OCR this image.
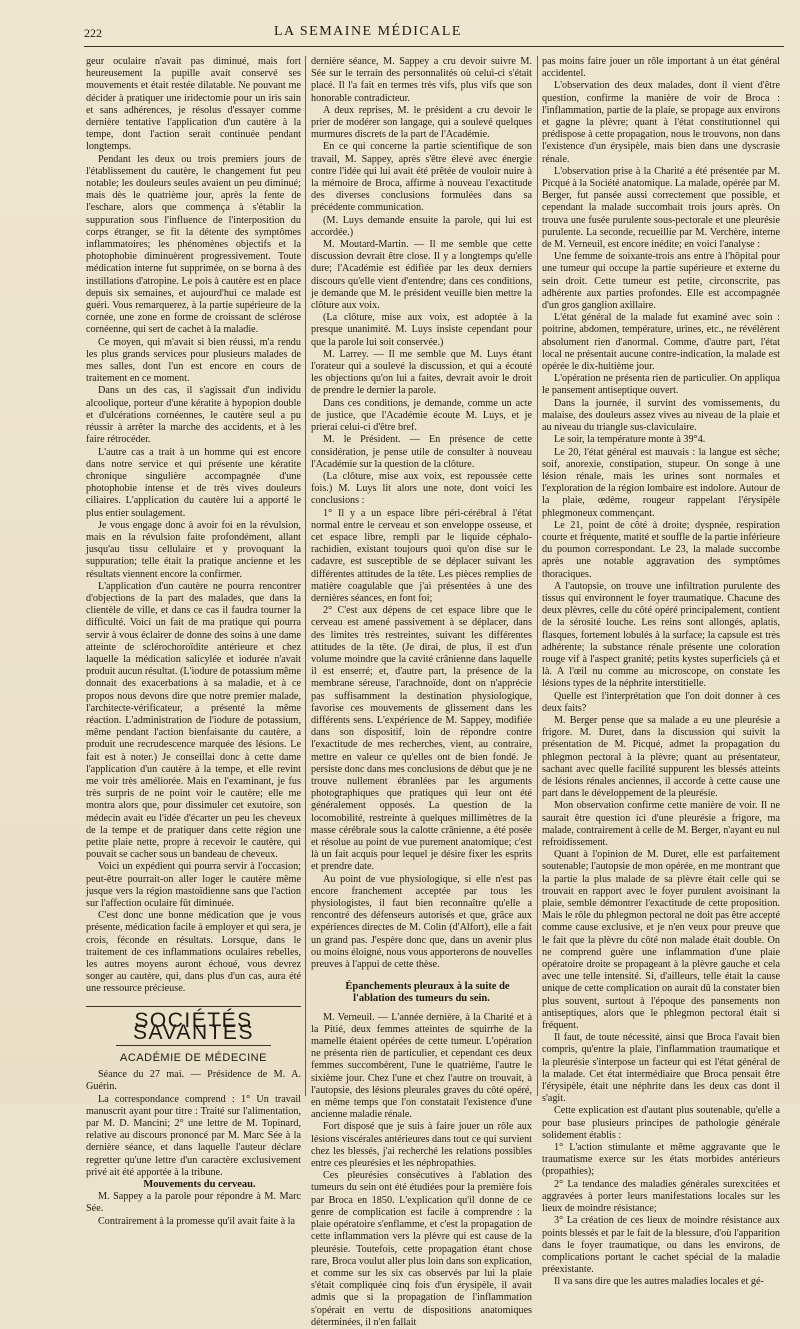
222	LA SEMAINE MÉDICALE

geur oculaire n'avait pas diminué, mais fort heureusement la pupille avait conservé ses mouvements et était restée dilatable. Ne pouvant me décider à pratiquer une iridectomie pour un iris sain et sans adhérences, je résolus d'essayer comme dernière tentative l'application d'un cautère à la tempe, dont l'action serait continuée pendant longtemps.

Pendant les deux ou trois premiers jours de l'établissement du cautère, le changement fut peu notable; les douleurs seules avaient un peu diminué; mais dès le quatrième jour, après la fente de l'eschare, alors que commença à s'établir la suppuration sous l'influence de l'interposition du corps étranger, se fit la détente des symptômes inflammatoires; les phénomènes objectifs et la photophobie diminuèrent progressivement. Toute médication interne fut supprimée, on se borna à des instillations d'atropine. Le pois à cautère est en place depuis six semaines, et aujourd'hui ce malade est guéri. Vous remarquerez, à la partie supérieure de la cornée, une zone en forme de croissant de sclérose cornéenne, qui sert de cachet à la maladie.

Ce moyen, qui m'avait si bien réussi, m'a rendu les plus grands services pour plusieurs malades de mes salles, dont l'un est encore en cours de traitement en ce moment.

Dans un des cas, il s'agissait d'un individu alcoolique, porteur d'une kératite à hypopion double et d'ulcérations cornéennes, le cautère seul a pu réussir à arrêter la marche des accidents, et à les faire rétrocéder.

L'autre cas a trait à un homme qui est encore dans notre service et qui présente une kératite chronique singulière accompagnée d'une photophobie intense et de très vives douleurs ciliaires. L'application du cautère lui a apporté le plus entier soulagement.

Je vous engage donc à avoir foi en la révulsion, mais en la révulsion faite profondément, allant jusqu'au tissu cellulaire et y provoquant la suppuration; telle était la pratique ancienne et les résultats viennent encore la confirmer.

L'application d'un cautère ne pourra rencontrer d'objections de la part des malades, que dans la clientèle de ville, et dans ce cas il faudra tourner la difficulté. Voici un fait de ma pratique qui pourra servir à vous éclairer de donne des soins à une dame atteinte de sclérochoroïdite antérieure et chez laquelle la médication salicylée et iodurée n'avait produit aucun résultat. (L'iodure de potassium même donnait des exacerbations à sa maladie, et à ce propos nous devons dire que notre premier malade, l'architecte-vérificateur, a présenté la même réaction. L'administration de l'iodure de potassium, même pendant l'action bienfaisante du cautère, a produit une recrudescence marquée des lésions. Le fait est à noter.) Je conseillai donc à cette dame l'application d'un cautère à la tempe, et elle revint me voir très améliorée. Mais en l'examinant, je fus très surpris de ne point voir le cautère; elle me montra alors que, pour dissimuler cet exutoire, son médecin avait eu l'idée d'écarter un peu les cheveux de la tempe et de pratiquer dans cette région une petite plaie nette, propre à recevoir le cautère, qui pouvait se cacher sous un bandeau de cheveux.

Voici un expédient qui pourra servir à l'occasion; peut-être pourrait-on aller loger le cautère même jusque vers la région mastoïdienne sans que l'action sur l'affection oculaire fût diminuée.

C'est donc une bonne médication que je vous présente, médication facile à employer et qui sera, je crois, féconde en résultats. Lorsque, dans le traitement de ces inflammations oculaires rebelles, les autres moyens auront échoué, vous devrez songer au cautère, qui, dans plus d'un cas, aura été une ressource précieuse.

SOCIÉTÉS SAVANTES
ACADÉMIE DE MÉDECINE

Séance du 27 mai. — Présidence de M. A. Guérin.

La correspondance comprend : 1° Un travail manuscrit ayant pour titre : Traité sur l'alimentation, par M. D. Mancini; 2° une lettre de M. Topinard, relative au discours prononcé par M. Marc Sée à la dernière séance, et dans laquelle l'auteur déclare regretter qu'une lettre d'un caractère exclusivement privé ait été apportée à la tribune.

Mouvements du cerveau.

M. Sappey a la parole pour répondre à M. Marc Sée.

Contrairement à la promesse qu'il avait faite à la

dernière séance, M. Sappey a cru devoir suivre M. Sée sur le terrain des personnalités où celui-ci s'était placé. Il l'a fait en termes très vifs, plus vifs que son honorable contradicteur.

A deux reprises, M. le président a cru devoir le prier de modérer son langage, qui a soulevé quelques murmures discrets de la part de l'Académie.

En ce qui concerne la partie scientifique de son travail, M. Sappey, après s'être élevé avec énergie contre l'idée qui lui avait été prêtée de vouloir nuire à la mémoire de Broca, affirme à nouveau l'exactitude des diverses conclusions formulées dans sa précédente communication.

(M. Luys demande ensuite la parole, qui lui est accordée.)

M. Moutard-Martin. — Il me semble que cette discussion devrait être close. Il y a longtemps qu'elle dure; l'Académie est édifiée par les deux derniers discours qu'elle vient d'entendre; dans ces conditions, je demande que M. le président veuille bien mettre la clôture aux voix.

(La clôture, mise aux voix, est adoptée à la presque unanimité. M. Luys insiste cependant pour que la parole lui soit conservée.)

M. Larrey. — Il me semble que M. Luys étant l'orateur qui a soulevé la discussion, et qui a écouté les objections qu'on lui a faites, devrait avoir le droit de prendre le dernier la parole.

Dans ces conditions, je demande, comme un acte de justice, que l'Académie écoute M. Luys, et je prierai celui-ci d'être bref.

M. le Président. — En présence de cette considération, je pense utile de consulter à nouveau l'Académie sur la question de la clôture.

(La clôture, mise aux voix, est repoussée cette fois.) M. Luys lit alors une note, dont voici les conclusions :

1° Il y a un espace libre péri-cérébral à l'état normal entre le cerveau et son enveloppe osseuse, et cet espace libre, rempli par le liquide céphalo-rachidien, existant toujours quoi qu'on dise sur le cadavre, est susceptible de se déplacer suivant les différentes attitudes de la tête. Les pièces remplies de matière coagulable que j'ai présentées à une des dernières séances, en font foi;

2° C'est aux dépens de cet espace libre que le cerveau est amené passivement à se déplacer, dans des limites très restreintes, suivant les différentes attitudes de la tête. (Je dirai, de plus, il est d'un volume moindre que la cavité crânienne dans laquelle il est enserré; et, d'autre part, la présence de la membrane séreuse, l'arachnoïde, dont on n'apprécie pas suffisamment la destination physiologique, favorise ces mouvements de glissement dans les différents sens. L'expérience de M. Sappey, modifiée dans son dispositif, loin de répondre contre l'exactitude de mes recherches, vient, au contraire, mettre en valeur ce qu'elles ont de bien fondé. Je persiste donc dans mes conclusions de début que je ne trouve nullement ébranlées par les arguments photographiques que pratiques qui leur ont été généralement opposés. La question de la locomobilité, restreinte à quelques millimètres de la masse cérébrale sous la calotte crânienne, a été posée et résolue au point de vue purement anatomique; c'est là un fait acquis pour lequel je désire fixer les esprits et prendre date.

Au point de vue physiologique, si elle n'est pas encore franchement acceptée par tous les physiologistes, il faut bien reconnaître qu'elle a rencontré des défenseurs autorisés et que, grâce aux expériences directes de M. Colin (d'Alfort), elle a fait un grand pas. J'espère donc que, dans un avenir plus ou moins éloigné, nous vous apporterons de nouvelles preuves à l'appui de cette thèse.

Épanchements pleuraux à la suite de l'ablation des tumeurs du sein.

M. Verneuil. — L'année dernière, à la Charité et à la Pitié, deux femmes atteintes de squirrhe de la mamelle étaient opérées de cette tumeur. L'opération ne présenta rien de particulier, et cependant ces deux femmes succombèrent, l'une le quatrième, l'autre le sixième jour. Chez l'une et chez l'autre on trouvait, à l'autopsie, des lésions pleurales graves du côté opéré, en même temps que l'on constatait l'existence d'une ancienne maladie rénale.

Fort disposé que je suis à faire jouer un rôle aux lésions viscérales antérieures dans tout ce qui survient chez les blessés, j'ai recherché les relations possibles entre ces pleurésies et les néphropathies.

Ces pleurésies consécutives à l'ablation des tumeurs du sein ont été étudiées pour la première fois par Broca en 1850. L'explication qu'il donne de ce genre de complication est facile à comprendre : la plaie opératoire s'enflamme, et c'est la propagation de cette inflammation vers la plèvre qui est cause de la pleurésie. Toutefois, cette propagation étant chose rare, Broca voulut aller plus loin dans son explication, et comme sur les six cas observés par lui la plaie s'était compliquée cinq fois d'un érysipèle, il avait admis que si la propagation de l'inflammation s'opérait en vertu de dispositions anatomiques déterminées, il n'en fallait

pas moins faire jouer un rôle important à un état général accidentel.

L'observation des deux malades, dont il vient d'être question, confirme la manière de voir de Broca : l'inflammation, partie de la plaie, se propage aux environs et gagne la plèvre; quant à l'état constitutionnel qui prédispose à cette propagation, nous le trouvons, non dans l'existence d'un érysipèle, mais bien dans une dyscrasie rénale.

L'observation prise à la Charité a été présentée par M. Picqué à la Société anatomique. La malade, opérée par M. Berger, fut pansée aussi correctement que possible, et cependant la malade succombait trois jours après. On trouva une fusée purulente sous-pectorale et une pleurésie purulente. La seconde, recueillie par M. Verchère, interne de M. Verneuil, est encore inédite; en voici l'analyse :

Une femme de soixante-trois ans entre à l'hôpital pour une tumeur qui occupe la partie supérieure et externe du sein droit. Cette tumeur est petite, circonscrite, pas adhérente aux parties profondes. Elle est accompagnée d'un gros ganglion axillaire.

L'état général de la malade fut examiné avec soin : poitrine, abdomen, température, urines, etc., ne révélèrent absolument rien d'anormal. Comme, d'autre part, l'état local ne présentait aucune contre-indication, la malade est opérée le dix-huitième jour.

L'opération ne présenta rien de particulier. On appliqua le pansement antiseptique ouvert.

Dans la journée, il survint des vomissements, du malaise, des douleurs assez vives au niveau de la plaie et au niveau du triangle sus-claviculaire.

Le soir, la température monte à 39°4.

Le 20, l'état général est mauvais : la langue est sèche; soif, anorexie, constipation, stupeur. On songe à une lésion rénale, mais les urines sont normales et l'exploration de la région lombaire est indolore. Autour de la plaie, œdème, rougeur rappelant l'érysipèle phlegmoneux commençant.

Le 21, point de côté à droite; dyspnée, respiration courte et fréquente, matité et souffle de la partie inférieure du poumon correspondant. Le 23, la malade succombe après une notable aggravation des symptômes thoraciques.

A l'autopsie, on trouve une infiltration purulente des tissus qui environnent le foyer traumatique. Chacune des deux plèvres, celle du côté opéré principalement, contient de la sérosité louche. Les reins sont allongés, aplatis, flasques, fortement lobulés à la surface; la capsule est très adhérente; la substance rénale présente une coloration rouge vif à l'aspect granité; petits kystes superficiels çà et là. A l'œil nu comme au microscope, on constate les lésions types de la néphrite interstitielle.

Quelle est l'interprétation que l'on doit donner à ces deux faits?

M. Berger pense que sa malade a eu une pleurésie a frigore. M. Duret, dans la discussion qui suivit la présentation de M. Picqué, admet la propagation du phlegmon pectoral à la plèvre; quant au présentateur, sachant avec quelle facilité suppurent les blessés atteints de lésions rénales anciennes, il accorde à cette cause une part dans le développement de la pleurésie.

Mon observation confirme cette manière de voir. Il ne saurait être question ici d'une pleurésie a frigore, ma malade, contrairement à celle de M. Berger, n'ayant eu nul refroidissement.

Quant à l'opinion de M. Duret, elle est parfaitement soutenable; l'autopsie de mon opérée, en me montrant que la partie la plus malade de sa plèvre était celle qui se trouvait en rapport avec le foyer purulent avoisinant la plaie, semble démontrer l'exactitude de cette proposition. Mais le rôle du phlegmon pectoral ne doit pas être accepté comme cause exclusive, et je n'en veux pour preuve que le fait que la plèvre du côté non malade était double. On ne comprend guère une inflammation d'une plaie opératoire droite se propageant à la plèvre gauche et cela avec une telle intensité. Si, d'ailleurs, telle était la cause unique de cette complication on aurait dû la constater bien plus souvent, surtout à l'époque des pansements non antiseptiques, alors que le phlegmon pectoral était si fréquent.

Il faut, de toute nécessité, ainsi que Broca l'avait bien compris, qu'entre la plaie, l'inflammation traumatique et la pleurésie s'interpose un facteur qui est l'état général de la malade. Cet état intermédiaire que Broca pensait être l'érysipèle, était une néphrite dans les deux cas dont il s'agit.

Cette explication est d'autant plus soutenable, qu'elle a pour base plusieurs principes de pathologie générale solidement établis :

1° L'action stimulante et même aggravante que le traumatisme exerce sur les états morbides antérieurs (propathies);

2° La tendance des maladies générales surexcitées et aggravées à porter leurs manifestations locales sur les lieux de moindre résistance;

3° La création de ces lieux de moindre résistance aux points blessés et par le fait de la blessure, d'où l'apparition dans le foyer traumatique, ou dans les environs, de complications portant le cachet spécial de la maladie préexistante.

Il va sans dire que les autres maladies locales et gé-
